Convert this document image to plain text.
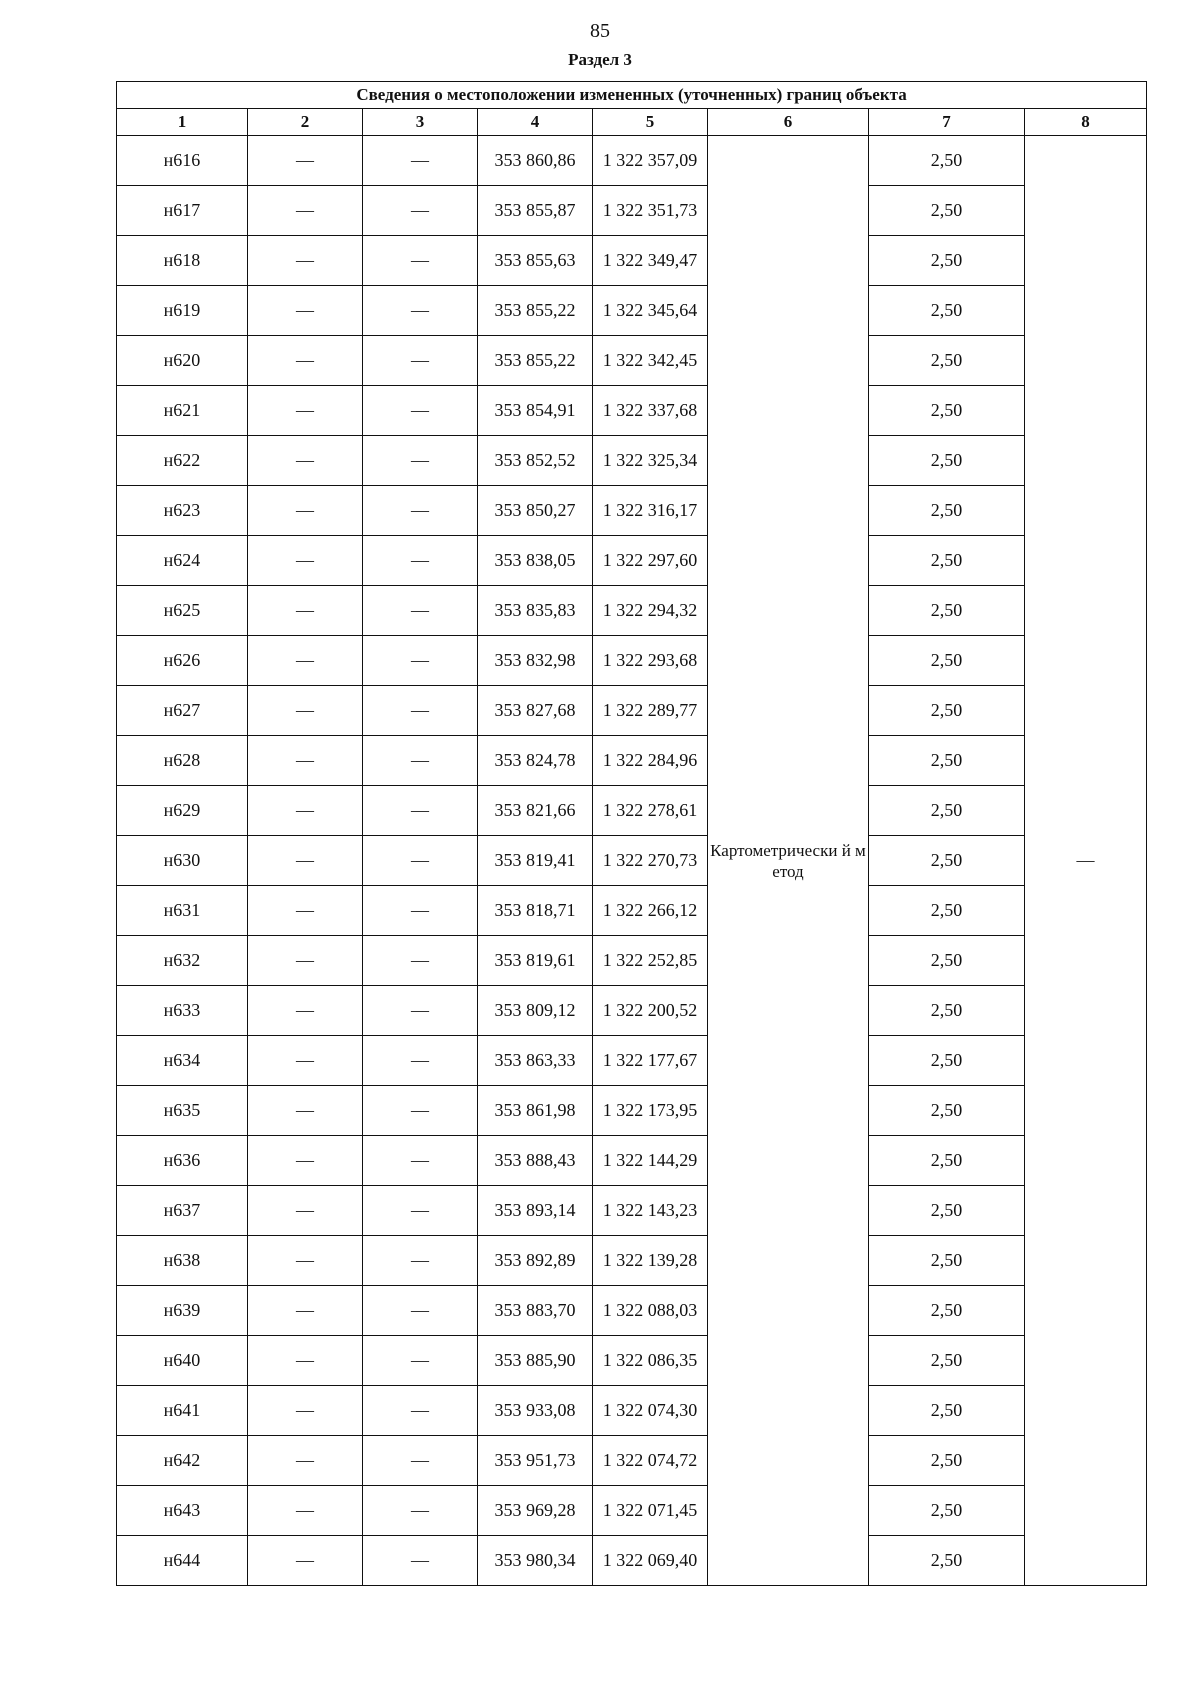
85
Раздел 3
Сведения о местоположении измененных (уточненных) границ объекта							
1	2	3	4	5	6	7	8
н616	—	—	353 860,86	1 322 357,09	Картометрически й метод	2,50	—
н617	—	—	353 855,87	1 322 351,73		2,50	
н618	—	—	353 855,63	1 322 349,47		2,50	
н619	—	—	353 855,22	1 322 345,64		2,50	
н620	—	—	353 855,22	1 322 342,45		2,50	
н621	—	—	353 854,91	1 322 337,68		2,50	
н622	—	—	353 852,52	1 322 325,34		2,50	
н623	—	—	353 850,27	1 322 316,17		2,50	
н624	—	—	353 838,05	1 322 297,60		2,50	
н625	—	—	353 835,83	1 322 294,32		2,50	
н626	—	—	353 832,98	1 322 293,68		2,50	
н627	—	—	353 827,68	1 322 289,77		2,50	
н628	—	—	353 824,78	1 322 284,96		2,50	
н629	—	—	353 821,66	1 322 278,61		2,50	
н630	—	—	353 819,41	1 322 270,73		2,50	
н631	—	—	353 818,71	1 322 266,12		2,50	
н632	—	—	353 819,61	1 322 252,85		2,50	
н633	—	—	353 809,12	1 322 200,52		2,50	
н634	—	—	353 863,33	1 322 177,67		2,50	
н635	—	—	353 861,98	1 322 173,95		2,50	
н636	—	—	353 888,43	1 322 144,29		2,50	
н637	—	—	353 893,14	1 322 143,23		2,50	
н638	—	—	353 892,89	1 322 139,28		2,50	
н639	—	—	353 883,70	1 322 088,03		2,50	
н640	—	—	353 885,90	1 322 086,35		2,50	
н641	—	—	353 933,08	1 322 074,30		2,50	
н642	—	—	353 951,73	1 322 074,72		2,50	
н643	—	—	353 969,28	1 322 071,45		2,50	
н644	—	—	353 980,34	1 322 069,40		2,50	
